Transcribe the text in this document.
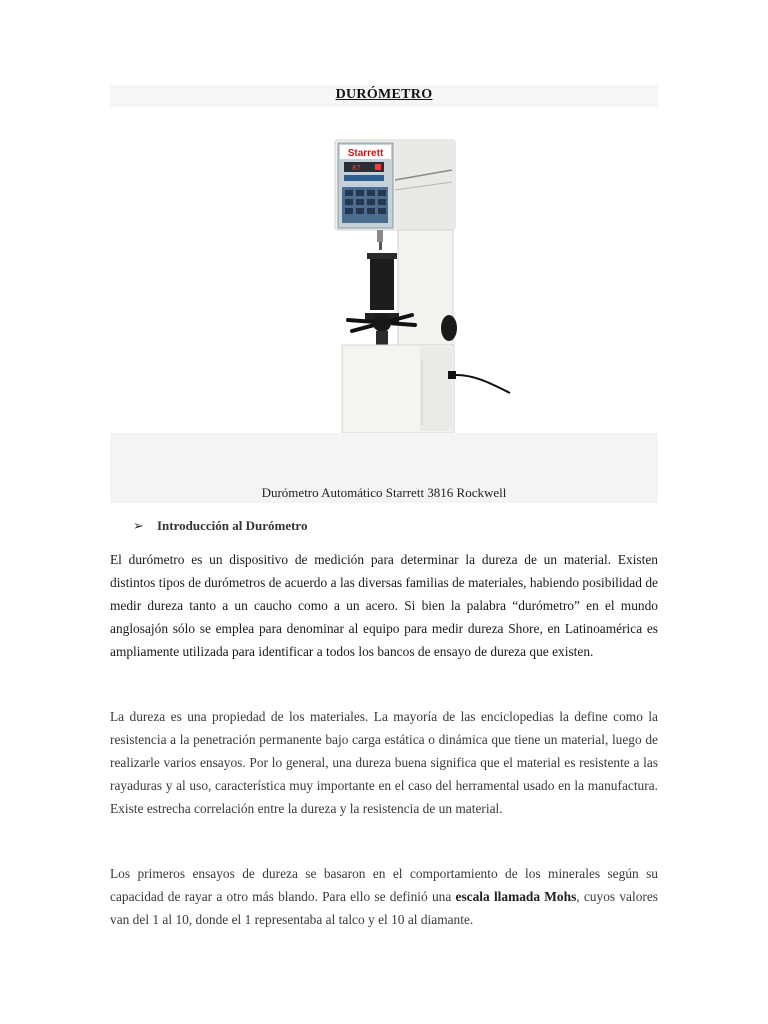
DURÓMETRO
Starrett
87
Durómetro Automático Starrett 3816 Rockwell
➢ Introducción al Durómetro

El durómetro es un dispositivo de medición para determinar la dureza de un material. Existen distintos tipos de durómetros de acuerdo a las diversas familias de materiales, habiendo posibilidad de medir dureza tanto a un caucho como a un acero. Si bien la palabra “durómetro” en el mundo anglosajón sólo se emplea para denominar al equipo para medir dureza Shore, en Latinoamérica es ampliamente utilizada para identificar a todos los bancos de ensayo de dureza que existen.

La dureza es una propiedad de los materiales. La mayoría de las enciclopedias la define como la resistencia a la penetración permanente bajo carga estática o dinámica que tiene un material, luego de realizarle varios ensayos. Por lo general, una dureza buena significa que el material es resistente a las rayaduras y al uso, característica muy importante en el caso del herramental usado en la manufactura. Existe estrecha correlación entre la dureza y la resistencia de un material.

Los primeros ensayos de dureza se basaron en el comportamiento de los minerales según su capacidad de rayar a otro más blando. Para ello se definió una escala llamada Mohs, cuyos valores van del 1 al 10, donde el 1 representaba al talco y el 10 al diamante.
